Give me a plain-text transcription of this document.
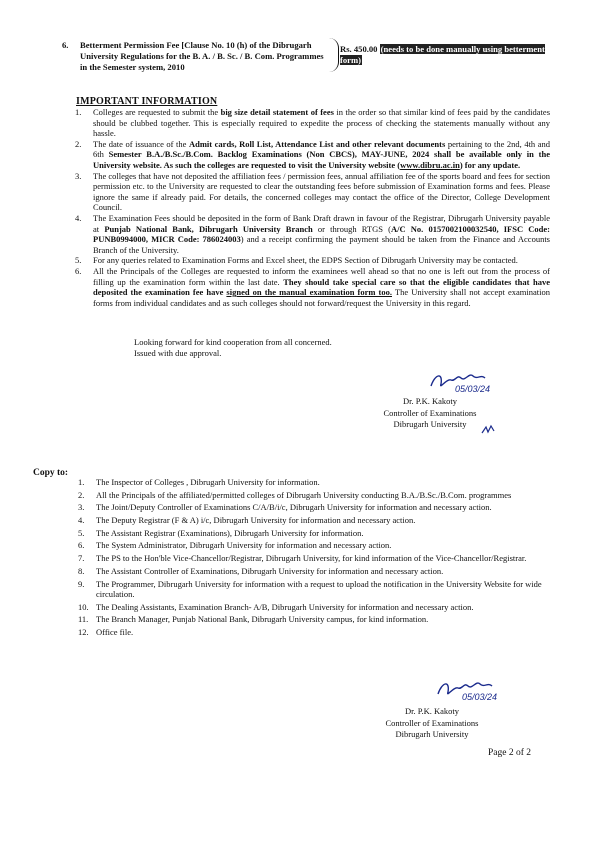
6. Betterment Permission Fee [Clause No. 10 (h) of the Dibrugarh University Regulations for the B. A. / B. Sc. / B. Com. Programmes in the Semester system, 2010
Rs. 450.00 (needs to be done manually using betterment form)
IMPORTANT INFORMATION
1. Colleges are requested to submit the big size detail statement of fees in the order so that similar kind of fees paid by the candidates should be clubbed together. This is especially required to expedite the process of checking the statements manually without any hassle.
2. The date of issuance of the Admit cards, Roll List, Attendance List and other relevant documents pertaining to the 2nd, 4th and 6th Semester B.A./B.Sc./B.Com. Backlog Examinations (Non CBCS), MAY-JUNE, 2024 shall be available only in the University website. As such the colleges are requested to visit the University website (www.dibru.ac.in) for any update.
3. The colleges that have not deposited the affiliation fees / permission fees, annual affiliation fee of the sports board and fees for section permission etc. to the University are requested to clear the outstanding fees before submission of Examination forms and fees. Please ignore the same if already paid. For details, the concerned colleges may contact the office of the Director, College Development Council.
4. The Examination Fees should be deposited in the form of Bank Draft drawn in favour of the Registrar, Dibrugarh University payable at Punjab National Bank, Dibrugarh University Branch or through RTGS (A/C No. 0157002100032540, IFSC Code: PUNB0994000, MICR Code: 786024003) and a receipt confirming the payment should be taken from the Finance and Accounts Branch of the University.
5. For any queries related to Examination Forms and Excel sheet, the EDPS Section of Dibrugarh University may be contacted.
6. All the Principals of the Colleges are requested to inform the examinees well ahead so that no one is left out from the process of filling up the examination form within the last date. They should take special care so that the eligible candidates that have deposited the examination fee have signed on the manual examination form too. The University shall not accept examination forms from individual candidates and as such colleges should not forward/request the University in this regard.
Looking forward for kind cooperation from all concerned.
Issued with due approval.
05/03/24
Dr. P.K. Kakoty
Controller of Examinations
Dibrugarh University
Copy to:
1. The Inspector of Colleges , Dibrugarh University for information.
2. All the Principals of the affiliated/permitted colleges of Dibrugarh University conducting B.A./B.Sc./B.Com. programmes
3. The Joint/Deputy Controller of Examinations C/A/B/i/c, Dibrugarh University for information and necessary action.
4. The Deputy Registrar (F & A) i/c, Dibrugarh University for information and necessary action.
5. The Assistant Registrar (Examinations), Dibrugarh University for information.
6. The System Administrator, Dibrugarh University for information and necessary action.
7. The PS to the Hon'ble Vice-Chancellor/Registrar, Dibrugarh University, for kind information of the Vice-Chancellor/Registrar.
8. The Assistant Controller of Examinations, Dibrugarh University for information and necessary action.
9. The Programmer, Dibrugarh University for information with a request to upload the notification in the University Website for wide circulation.
10. The Dealing Assistants, Examination Branch- A/B, Dibrugarh University for information and necessary action.
11. The Branch Manager, Punjab National Bank, Dibrugarh University campus, for kind information.
12. Office file.
05/03/24
Dr. P.K. Kakoty
Controller of Examinations
Dibrugarh University
Page 2 of 2
